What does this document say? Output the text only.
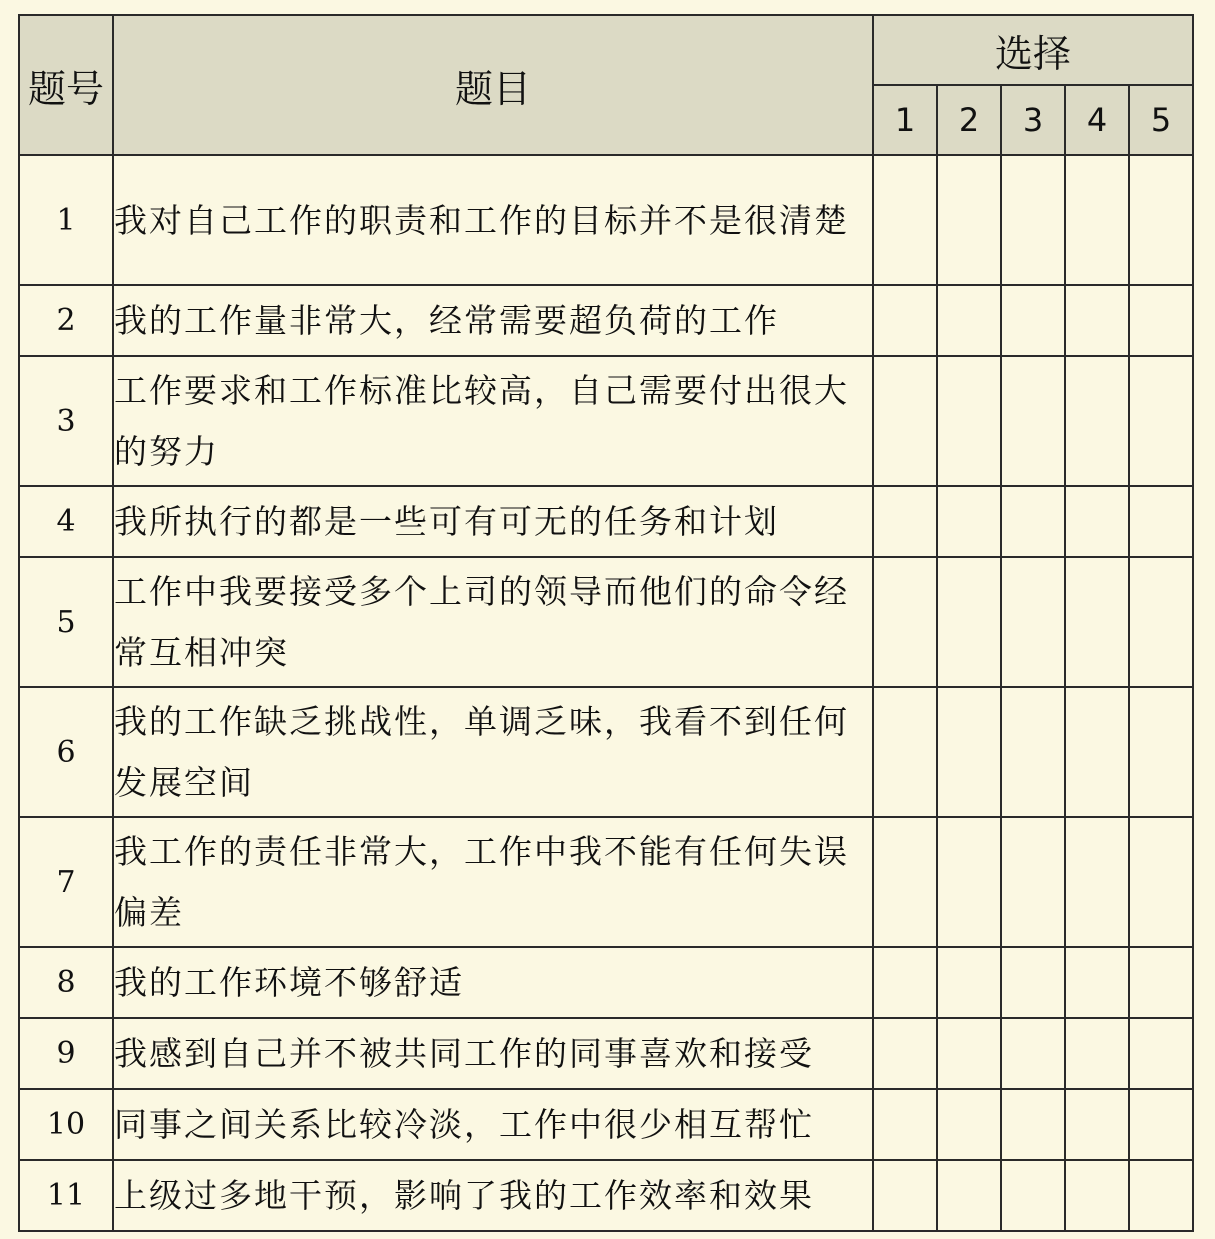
题号	题目	选择				
		1	2	3	4	5
1	我对自己工作的职责和工作的目标并不是很清楚					
2	我的工作量非常大，经常需要超负荷的工作					
3	工作要求和工作标准比较高，自己需要付出很大的努力					
4	我所执行的都是一些可有可无的任务和计划					
5	工作中我要接受多个上司的领导而他们的命令经常互相冲突					
6	我的工作缺乏挑战性，单调乏味，我看不到任何发展空间					
7	我工作的责任非常大，工作中我不能有任何失误偏差					
8	我的工作环境不够舒适					
9	我感到自己并不被共同工作的同事喜欢和接受					
10	同事之间关系比较冷淡，工作中很少相互帮忙					
11	上级过多地干预，影响了我的工作效率和效果					
